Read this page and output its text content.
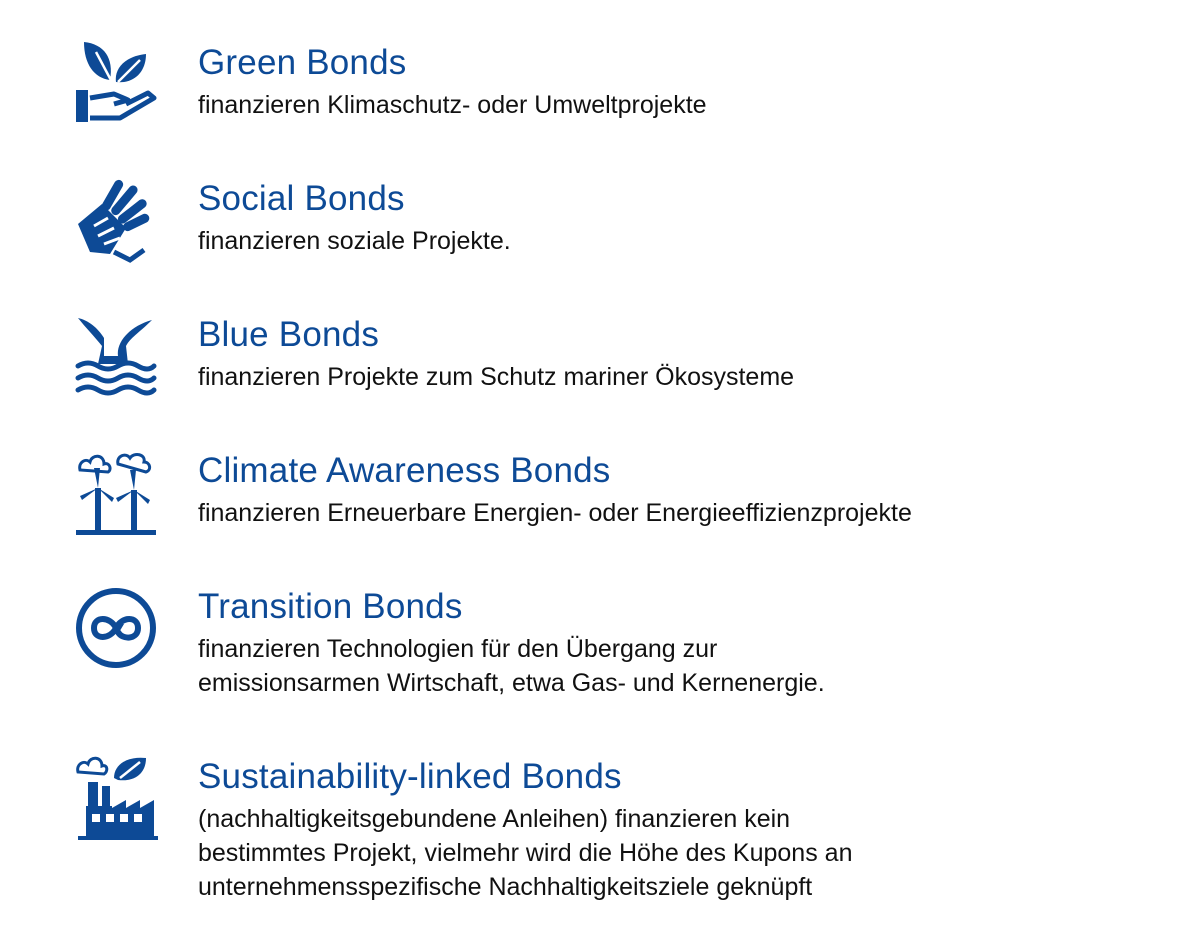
Green Bonds
finanzieren Klimaschutz- oder Umweltprojekte
Social Bonds
finanzieren soziale Projekte.
Blue Bonds
finanzieren Projekte zum Schutz mariner Ökosysteme
Climate Awareness Bonds
finanzieren Erneuerbare Energien- oder Energieeffizienzprojekte
Transition Bonds
finanzieren Technologien für den Übergang zur
emissionsarmen Wirtschaft, etwa Gas- und Kernenergie.
Sustainability-linked Bonds
(nachhaltigkeitsgebundene Anleihen) finanzieren kein
bestimmtes Projekt, vielmehr wird die Höhe des Kupons an
unternehmensspezifische Nachhaltigkeitsziele geknüpft
